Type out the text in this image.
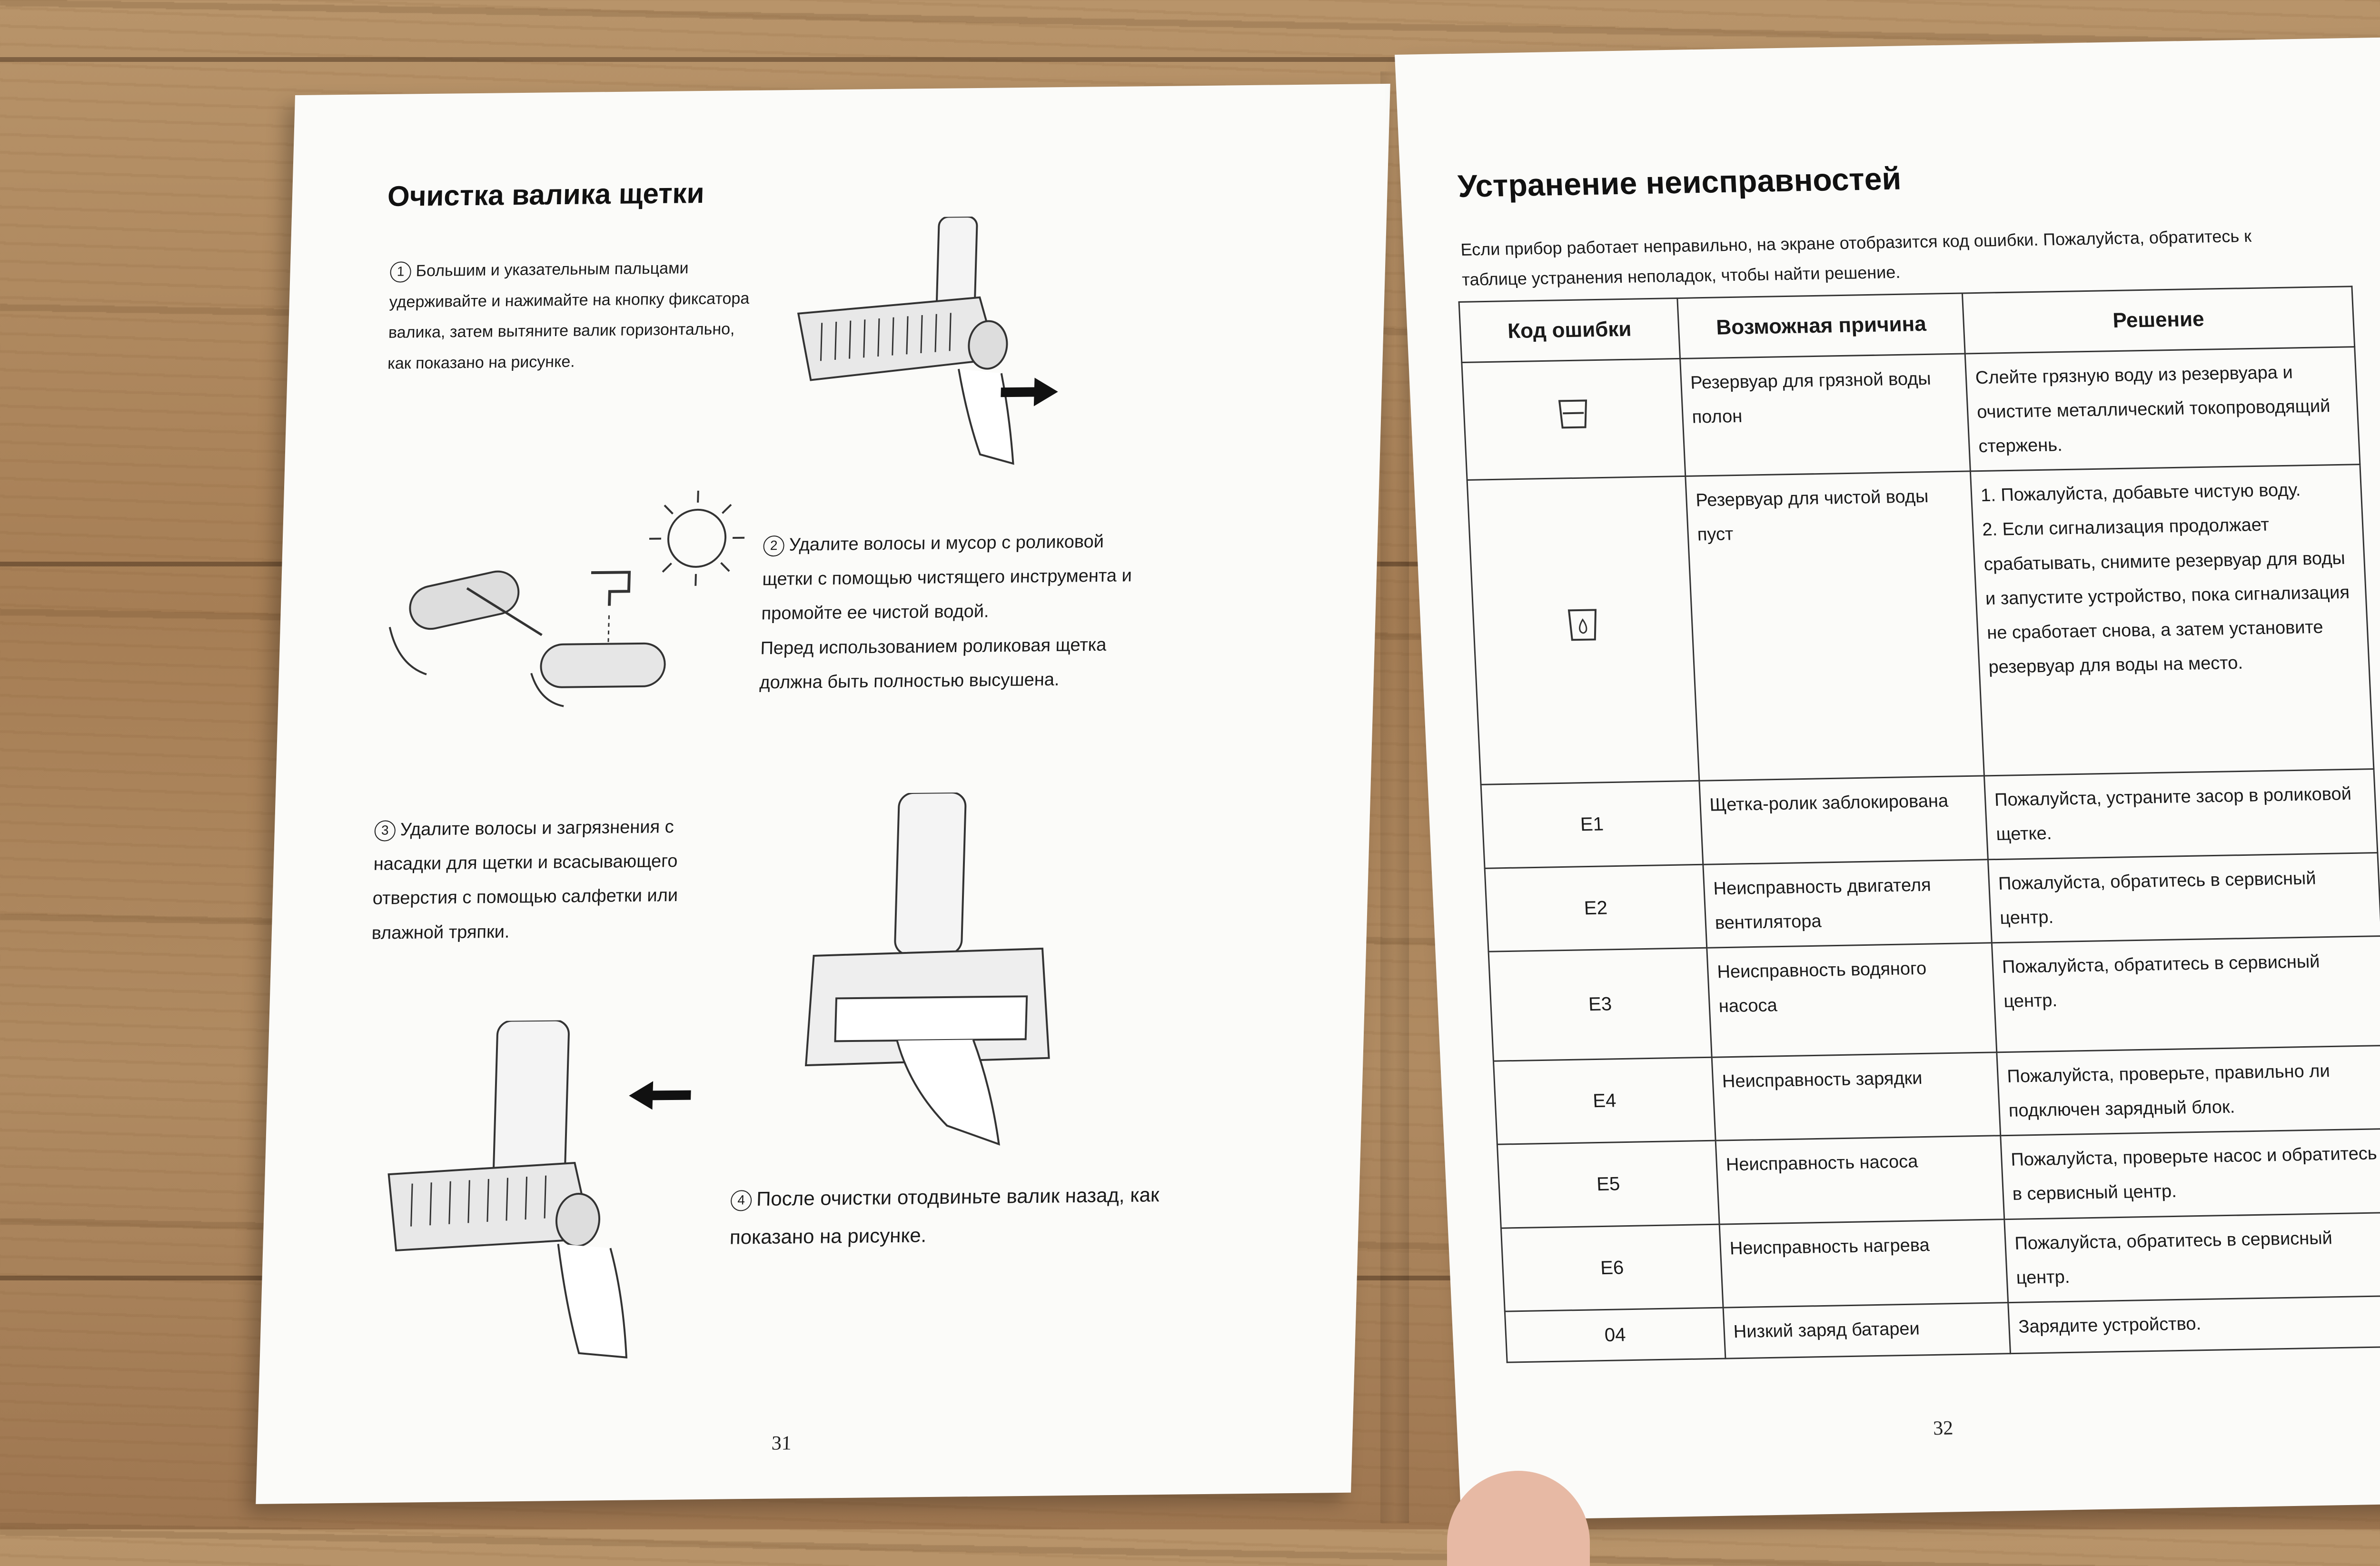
Очистка валика щетки
1 Большим и указательным пальцами удерживайте и нажимайте на кнопку фиксатора валика, затем вытяните валик горизонтально, как показано на рисунке.
2 Удалите волосы и мусор с роликовой щетки с помощью чистящего инструмента и промойте ее чистой водой.
Перед использованием роликовая щетка должна быть полностью высушена.
3 Удалите волосы и загрязнения с насадки для щетки и всасывающего отверстия с помощью салфетки или влажной тряпки.
4 После очистки отодвиньте валик назад, как показано на рисунке.
31
Устранение неисправностей
Если прибор работает неправильно, на экране отобразится код ошибки. Пожалуйста, обратитесь к таблице устранения неполадок, чтобы найти решение.
Код ошибки	Возможная причина	Решение
	Резервуар для грязной воды полон	Слейте грязную воду из резервуара и очистите металлический токопроводящий стержень.
	Резервуар для чистой воды пуст	1. Пожалуйста, добавьте чистую воду.
2. Если сигнализация продолжает срабатывать, снимите резервуар для воды и запустите устройство, пока сигнализация не сработает снова, а затем установите резервуар для воды на место.
E1	Щетка-ролик заблокирована	Пожалуйста, устраните засор в роликовой щетке.
E2	Неисправность двигателя вентилятора	Пожалуйста, обратитесь в сервисный центр.
E3	Неисправность водяного насоса	Пожалуйста, обратитесь в сервисный центр.
E4	Неисправность зарядки	Пожалуйста, проверьте, правильно ли подключен зарядный блок.
E5	Неисправность насоса	Пожалуйста, проверьте насос и обратитесь в сервисный центр.
E6	Неисправность нагрева	Пожалуйста, обратитесь в сервисный центр.
04	Низкий заряд батареи	Зарядите устройство.
32
